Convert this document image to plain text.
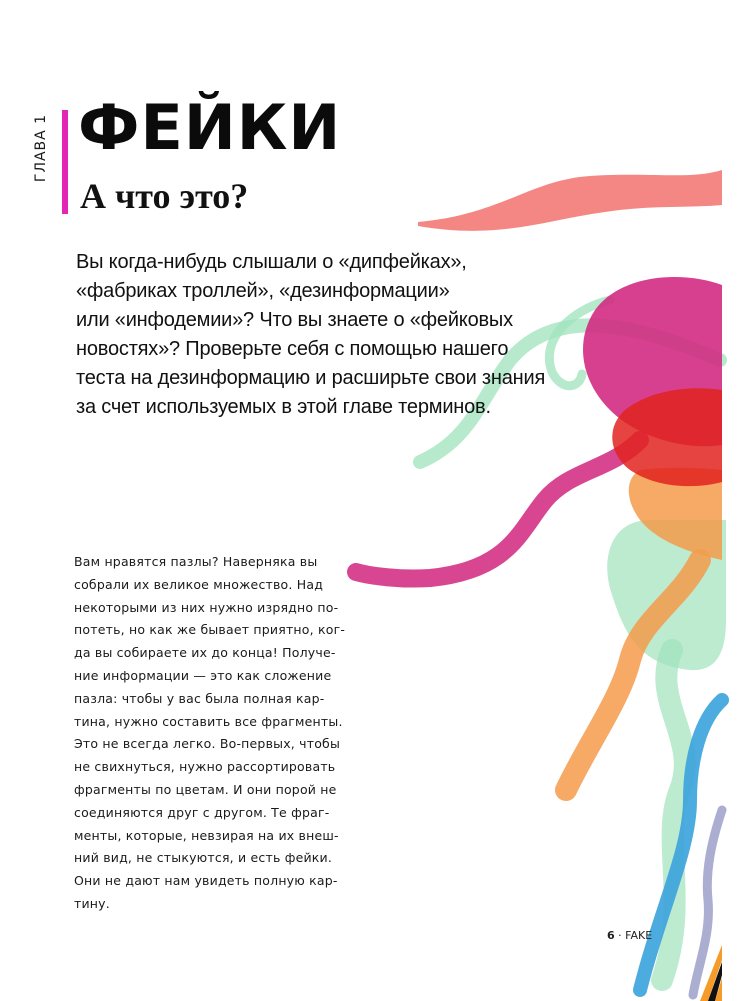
ГЛАВА 1 ФЕЙКИ
А что это?

Вы когда-нибудь слышали о «дипфейках»,
«фабриках троллей», «дезинформации»
или «инфодемии»? Что вы знаете о «фейковых
новостях»? Проверьте себя с помощью нашего
теста на дезинформацию и расширьте свои знания
за счет используемых в этой главе терминов.

Вам нравятся пазлы? Наверняка вы
собрали их великое множество. Над
некоторыми из них нужно изрядно по-
потеть, но как же бывает приятно, ког-
да вы собираете их до конца! Получе-
ние информации — это как сложение
пазла: чтобы у вас была полная кар-
тина, нужно составить все фрагменты.
Это не всегда легко. Во-первых, чтобы
не свихнуться, нужно рассортировать
фрагменты по цветам. И они порой не
соединяются друг с другом. Те фраг-
менты, которые, невзирая на их внеш-
ний вид, не стыкуются, и есть фейки.
Они не дают нам увидеть полную кар-
тину.

6 · FAKE
